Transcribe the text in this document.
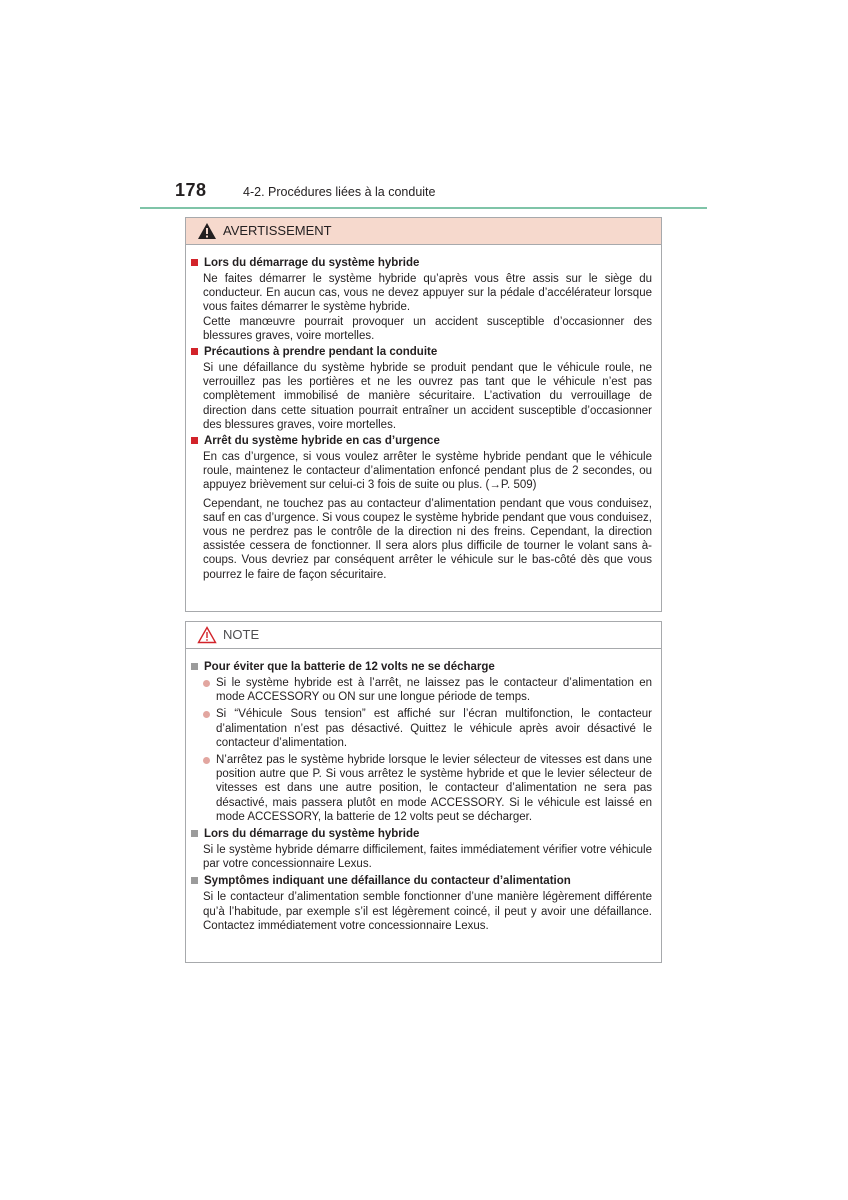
178	4-2. Procédures liées à la conduite
AVERTISSEMENT
Lors du démarrage du système hybride
Ne faites démarrer le système hybride qu’après vous être assis sur le siège du conducteur. En aucun cas, vous ne devez appuyer sur la pédale d’accélérateur lorsque vous faites démarrer le système hybride.
Cette manœuvre pourrait provoquer un accident susceptible d’occasionner des blessures graves, voire mortelles.
Précautions à prendre pendant la conduite
Si une défaillance du système hybride se produit pendant que le véhicule roule, ne verrouillez pas les portières et ne les ouvrez pas tant que le véhicule n’est pas complètement immobilisé de manière sécuritaire. L’activation du verrouillage de direction dans cette situation pourrait entraîner un accident susceptible d’occasionner des blessures graves, voire mortelles.
Arrêt du système hybride en cas d’urgence
En cas d’urgence, si vous voulez arrêter le système hybride pendant que le véhicule roule, maintenez le contacteur d’alimentation enfoncé pendant plus de 2 secondes, ou appuyez brièvement sur celui-ci 3 fois de suite ou plus. (→P. 509)
Cependant, ne touchez pas au contacteur d’alimentation pendant que vous conduisez, sauf en cas d’urgence. Si vous coupez le système hybride pendant que vous conduisez, vous ne perdrez pas le contrôle de la direction ni des freins. Cependant, la direction assistée cessera de fonctionner. Il sera alors plus difficile de tourner le volant sans à-coups. Vous devriez par conséquent arrêter le véhicule sur le bas-côté dès que vous pourrez le faire de façon sécuritaire.
NOTE
Pour éviter que la batterie de 12 volts ne se décharge
Si le système hybride est à l’arrêt, ne laissez pas le contacteur d’alimentation en mode ACCESSORY ou ON sur une longue période de temps.
Si “Véhicule Sous tension” est affiché sur l’écran multifonction, le contacteur d’alimentation n’est pas désactivé. Quittez le véhicule après avoir désactivé le contacteur d’alimentation.
N’arrêtez pas le système hybride lorsque le levier sélecteur de vitesses est dans une position autre que P. Si vous arrêtez le système hybride et que le levier sélecteur de vitesses est dans une autre position, le contacteur d’alimentation ne sera pas désactivé, mais passera plutôt en mode ACCESSORY. Si le véhicule est laissé en mode ACCESSORY, la batterie de 12 volts peut se décharger.
Lors du démarrage du système hybride
Si le système hybride démarre difficilement, faites immédiatement vérifier votre véhicule par votre concessionnaire Lexus.
Symptômes indiquant une défaillance du contacteur d’alimentation
Si le contacteur d’alimentation semble fonctionner d’une manière légèrement différente qu’à l’habitude, par exemple s’il est légèrement coincé, il peut y avoir une défaillance. Contactez immédiatement votre concessionnaire Lexus.
